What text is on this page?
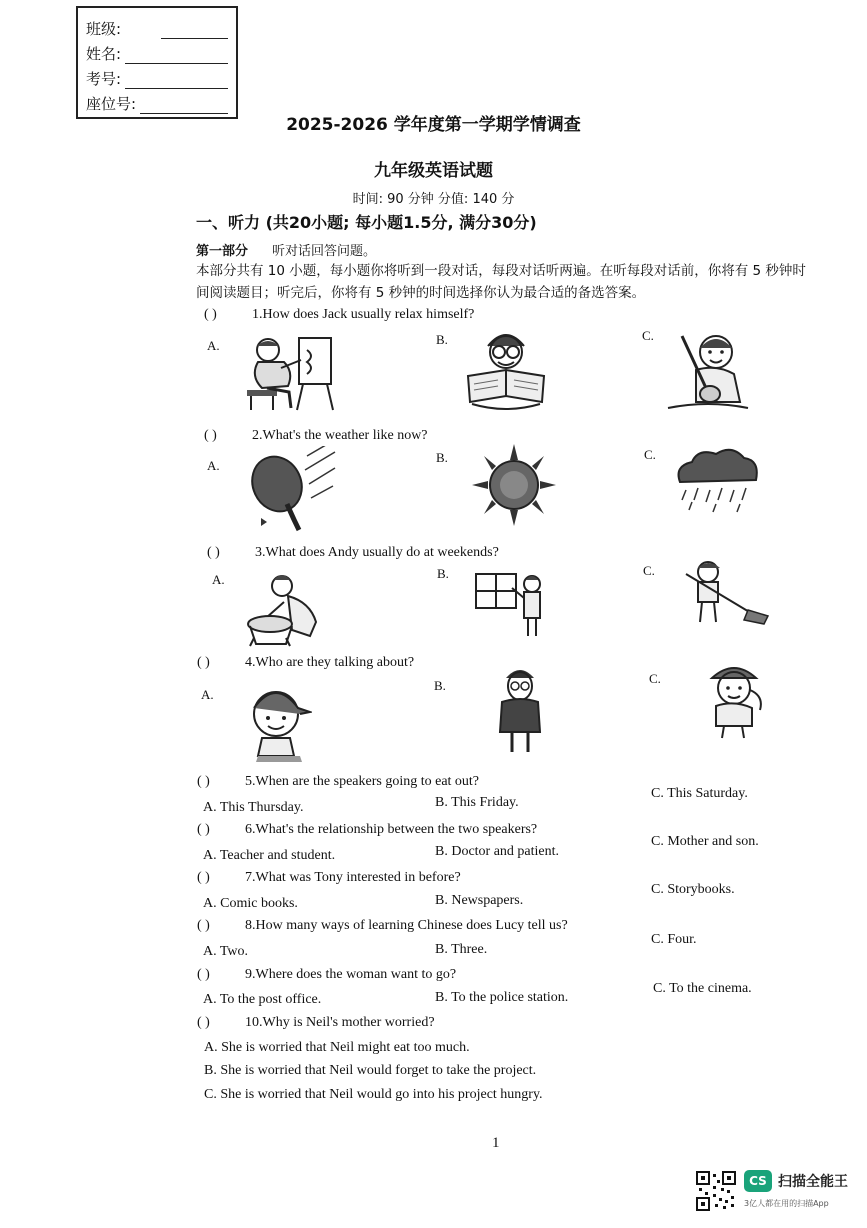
班级:
姓名:
考号:
座位号:
2025-2026 学年度第一学期学情调查
九年级英语试题
时间: 90 分钟 分值: 140 分
一、听力 (共20小题; 每小题1.5分, 满分30分)
第一部分 听对话回答问题。
本部分共有 10 小题，每小题你将听到一段对话，每段对话听两遍。在听每段对话前，你将有 5 秒钟时间阅读题目；听完后，你将有 5 秒钟的时间选择你认为最合适的备选答案。
( )	1.How does Jack usually relax himself?
A.	B.	C.
( )	2.What's the weather like now?
A.
B.	C.
( )	3.What does Andy usually do at weekends?
A.	B.	C.
( )	4.Who are they talking about?
A.
B.	C.
( )	5.When are the speakers going to eat out?
A. This Thursday.	B. This Friday.
C. This Saturday.
( )	6.What's the relationship between the two speakers?
A. Teacher and student.	B. Doctor and patient.
C. Mother and son.
( )	7.What was Tony interested in before?
A. Comic books.	B. Newspapers.
C. Storybooks.
( )	8.How many ways of learning Chinese does Lucy tell us?
A. Two.	B. Three.
C. Four.
( )	9.Where does the woman want to go?
A. To the post office.	B. To the police station.
C. To the cinema.
( )	10.Why is Neil's mother worried?
A. She is worried that Neil might eat too much.
B. She is worried that Neil would forget to take the project.
C. She is worried that Neil would go into his project hungry.
1
CS 扫描全能王
3亿人都在用的扫描App
